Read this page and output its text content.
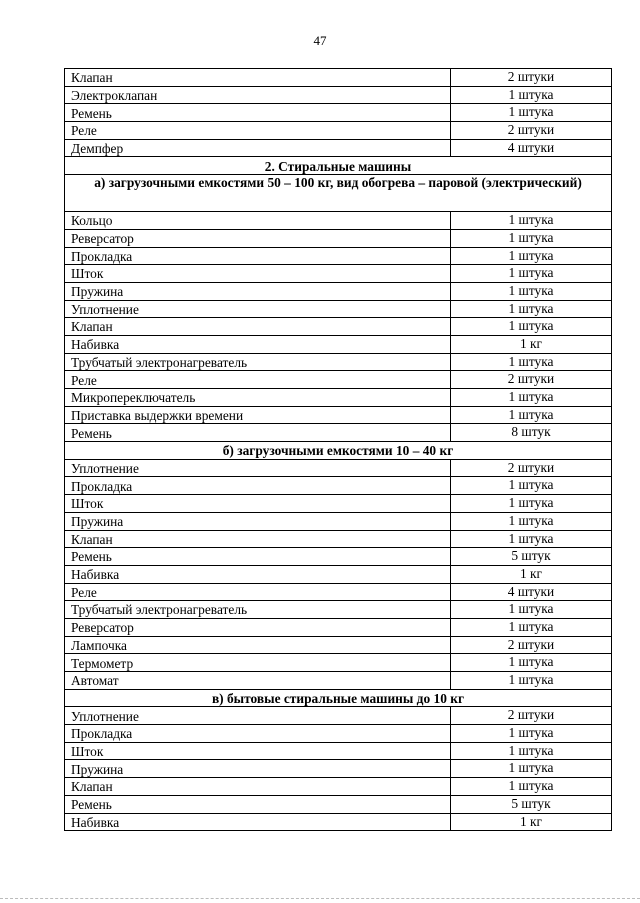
47
Клапан	2 штуки
Электроклапан	1 штука
Ремень	1 штука
Реле	2 штуки
Демпфер	4 штуки
2. Стиральные машины	
а) загрузочными емкостями 50 – 100 кг, вид обогрева – паровой (электрический)	
Кольцо	1 штука
Реверсатор	1 штука
Прокладка	1 штука
Шток	1 штука
Пружина	1 штука
Уплотнение	1 штука
Клапан	1 штука
Набивка	1 кг
Трубчатый электронагреватель	1 штука
Реле	2 штуки
Микропереключатель	1 штука
Приставка выдержки времени	1 штука
Ремень	8 штук
б) загрузочными емкостями 10 – 40 кг	
Уплотнение	2 штуки
Прокладка	1 штука
Шток	1 штука
Пружина	1 штука
Клапан	1 штука
Ремень	5 штук
Набивка	1 кг
Реле	4 штуки
Трубчатый электронагреватель	1 штука
Реверсатор	1 штука
Лампочка	2 штуки
Термометр	1 штука
Автомат	1 штука
в) бытовые стиральные машины до 10 кг	
Уплотнение	2 штуки
Прокладка	1 штука
Шток	1 штука
Пружина	1 штука
Клапан	1 штука
Ремень	5 штук
Набивка	1 кг
